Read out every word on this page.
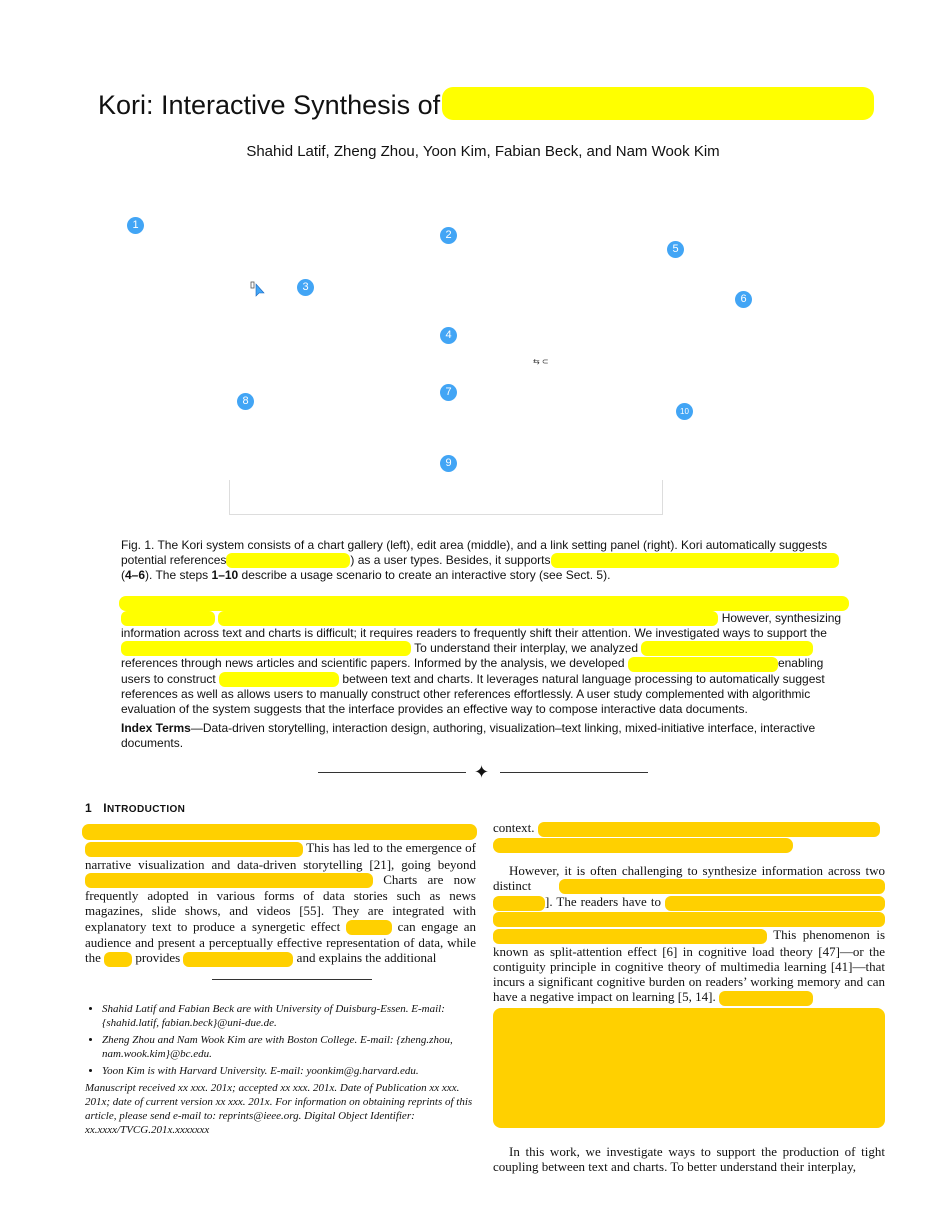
Kori: Interactive Synthesis of
Shahid Latif, Zheng Zhou, Yoon Kim, Fabian Beck, and Nam Wook Kim
1
2
3
4
5
6
7
8
9
10
⇆ ⊂
Fig. 1. The Kori system consists of a chart gallery (left), edit area (middle), and a link setting panel (right). Kori automatically suggests potential references	) as a user types. Besides, it supports
(4–6). The steps 1–10 describe a usage scenario to create an interactive story (see Sect. 5).
However, synthesizing information across text and charts is difficult; it requires readers to frequently shift their attention. We investigated ways to support the  To understand their interplay, we analyzed  references through news articles and scientific papers. Informed by the analysis, we developed	enabling users to construct	between text and charts. It leverages natural language processing to automatically suggest references as well as allows users to manually construct other references effortlessly. A user study complemented with algorithmic evaluation of the system suggests that the interface provides an effective way to compose interactive data documents.
Index Terms—Data-driven storytelling, interaction design, authoring, visualization–text linking, mixed-initiative interface, interactive documents.
✦
1 INTRODUCTION
This has led to the emergence of narrative visualization and data-driven storytelling [21], going beyond  Charts are now frequently adopted in various forms of data stories such as news magazines, slide shows, and videos [55]. They are integrated with explanatory text to produce a synergetic effect	can engage an audience and present a perceptually effective representation of data, while the	provides	and explains the additional
• Shahid Latif and Fabian Beck are with University of Duisburg-Essen. E-mail: {shahid.latif, fabian.beck}@uni-due.de.
• Zheng Zhou and Nam Wook Kim are with Boston College. E-mail: {zheng.zhou, nam.wook.kim}@bc.edu.
• Yoon Kim is with Harvard University. E-mail: yoonkim@g.harvard.edu.
Manuscript received xx xxx. 201x; accepted xx xxx. 201x. Date of Publication xx xxx. 201x; date of current version xx xxx. 201x. For information on obtaining reprints of this article, please send e-mail to: reprints@ieee.org. Digital Object Identifier: xx.xxxx/TVCG.201x.xxxxxxx
context.
However, it is often challenging to synthesize information across two distinct  ]. The readers have to    This phenomenon is known as split-attention effect [6] in cognitive load theory [47]—or the contiguity principle in cognitive theory of multimedia learning [41]—that incurs a significant cognitive burden on readers’ working memory and can have a negative impact on learning [5, 14].
In this work, we investigate ways to support the production of tight coupling between text and charts. To better understand their interplay,
